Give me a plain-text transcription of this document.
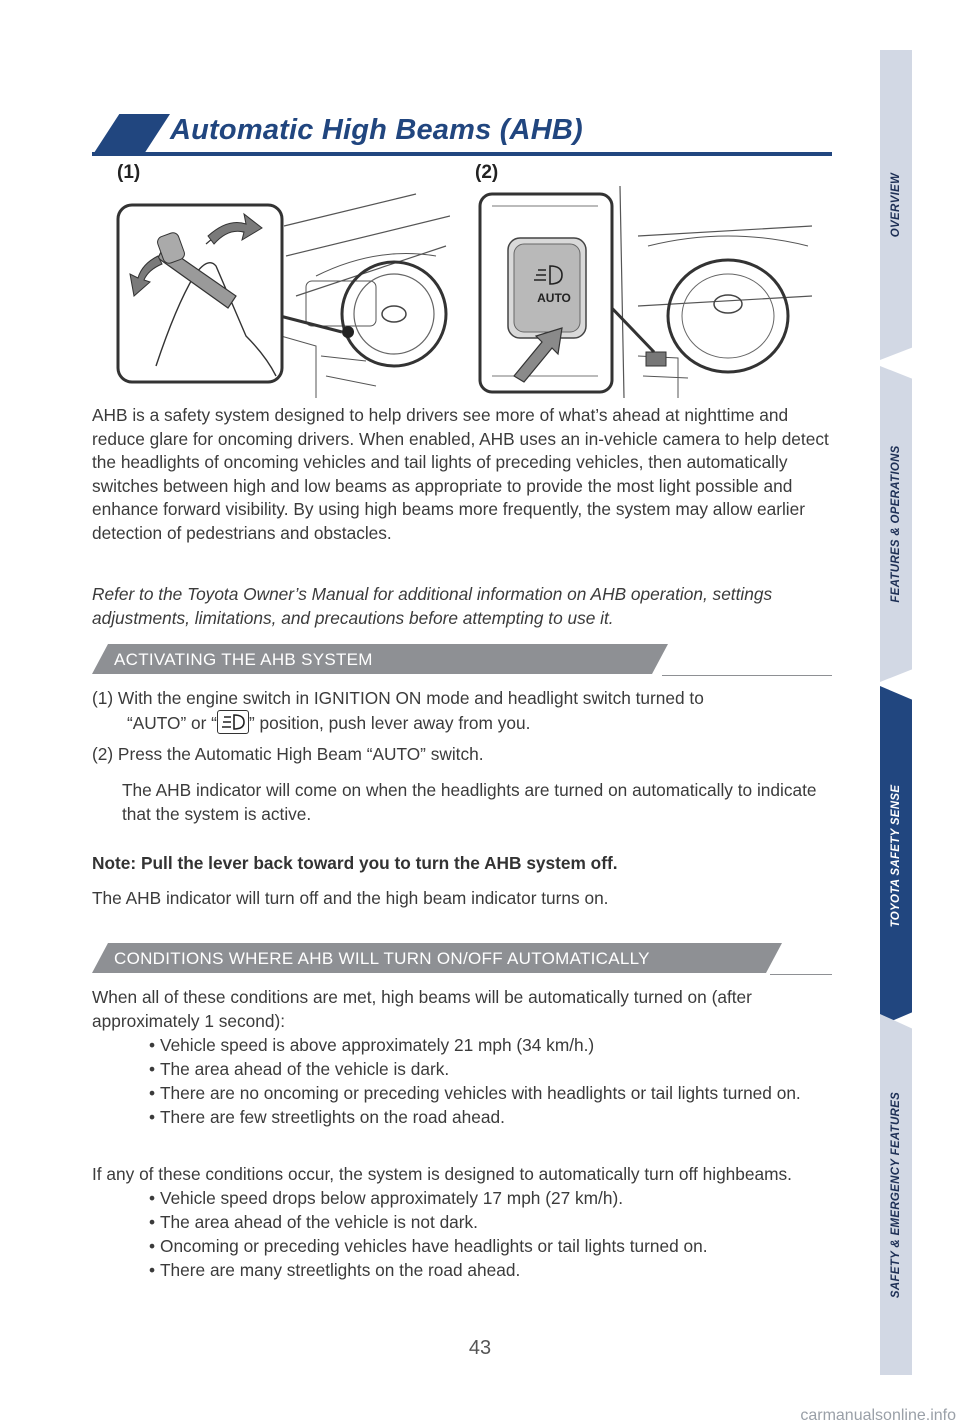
Automatic High Beams (AHB)
(1)	(2)
AUTO

AHB is a safety system designed to help drivers see more of what’s ahead at nighttime and reduce glare for oncoming drivers. When enabled, AHB uses an in-vehicle camera to help detect the headlights of oncoming vehicles and tail lights of preceding vehicles, then automatically switches between high and low beams as appropriate to provide the most light possible and enhance forward visibility. By using high beams more frequently, the system may allow earlier detection of pedestrians and obstacles.

Refer to the Toyota Owner’s Manual for additional information on AHB operation, settings adjustments, limitations, and precautions before attempting to use it.

ACTIVATING THE AHB SYSTEM
(1) With the engine switch in IGNITION ON mode and headlight switch turned to
“AUTO” or “ ” position, push lever away from you.
(2) Press the Automatic High Beam “AUTO” switch.
The AHB indicator will come on when the headlights are turned on automatically to indicate that the system is active.
Note: Pull the lever back toward you to turn the AHB system off.
The AHB indicator will turn off and the high beam indicator turns on.
CONDITIONS WHERE AHB WILL TURN ON/OFF AUTOMATICALLY
When all of these conditions are met, high beams will be automatically turned on (after approximately 1 second):
• Vehicle speed is above approximately 21 mph (34 km/h.)
• The area ahead of the vehicle is dark.
• There are no oncoming or preceding vehicles with headlights or tail lights turned on.
• There are few streetlights on the road ahead.
If any of these conditions occur, the system is designed to automatically turn off highbeams.
• Vehicle speed drops below approximately 17 mph (27 km/h).
• The area ahead of the vehicle is not dark.
• Oncoming or preceding vehicles have headlights or tail lights turned on.
• There are many streetlights on the road ahead.
43
OVERVIEW
FEATURES & OPERATIONS
TOYOTA SAFETY SENSE
SAFETY & EMERGENCY FEATURES
carmanualsonline.info
